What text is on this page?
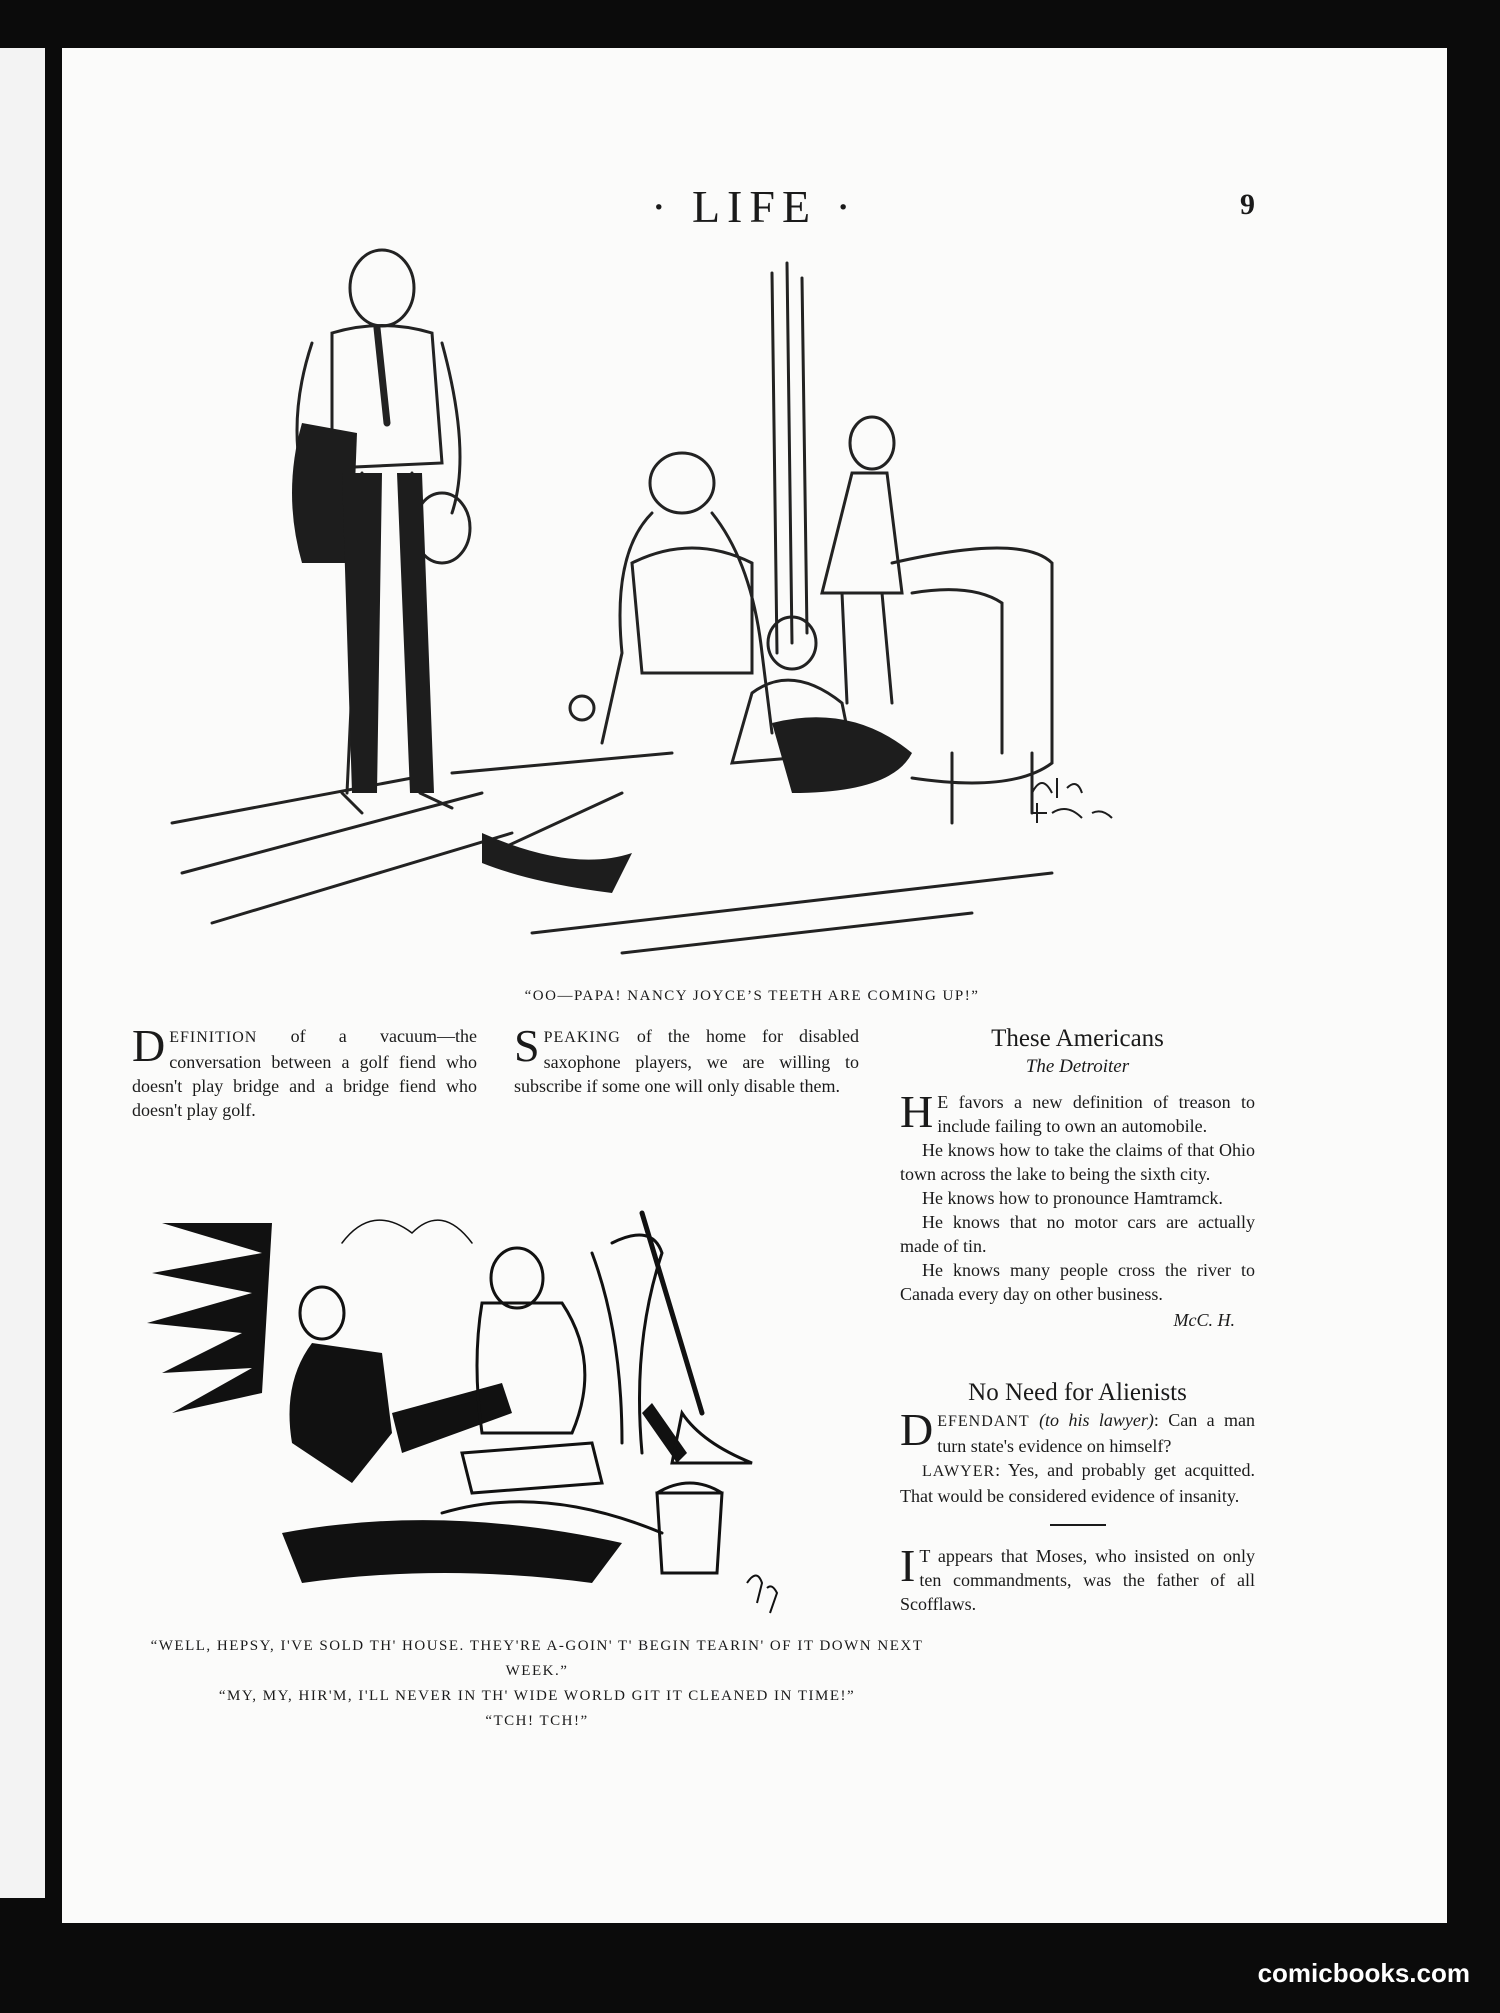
· LIFE ·	9
“OO—PAPA! NANCY JOYCE’S TEETH ARE COMING UP!”
DEFINITION of a vacuum—the conversation between a golf fiend who doesn't play bridge and a bridge fiend who doesn't play golf.
SPEAKING of the home for disabled saxophone players, we are willing to subscribe if some one will only disable them.
These Americans
The Detroiter

H E favors a new definition of treason to include failing to own an automobile.

He knows how to take the claims of that Ohio town across the lake to being the sixth city.

He knows how to pronounce Hamtramck.

He knows that no motor cars are actually made of tin.

He knows many people cross the river to Canada every day on other business.

McC. H.
No Need for Alienists

DEFENDANT (to his lawyer): Can a man turn state's evidence on himself?

LAWYER: Yes, and probably get acquitted. That would be considered evidence of insanity.

I T appears that Moses, who insisted on only ten commandments, was the father of all Scofflaws.

“WELL, HEPSY, I'VE SOLD TH' HOUSE. THEY'RE A-GOIN' T' BEGIN TEARIN' OF IT DOWN NEXT WEEK.”
“MY, MY, HIR'M, I'LL NEVER IN TH' WIDE WORLD GIT IT CLEANED IN TIME!”
“TCH! TCH!”
comicbooks.com
